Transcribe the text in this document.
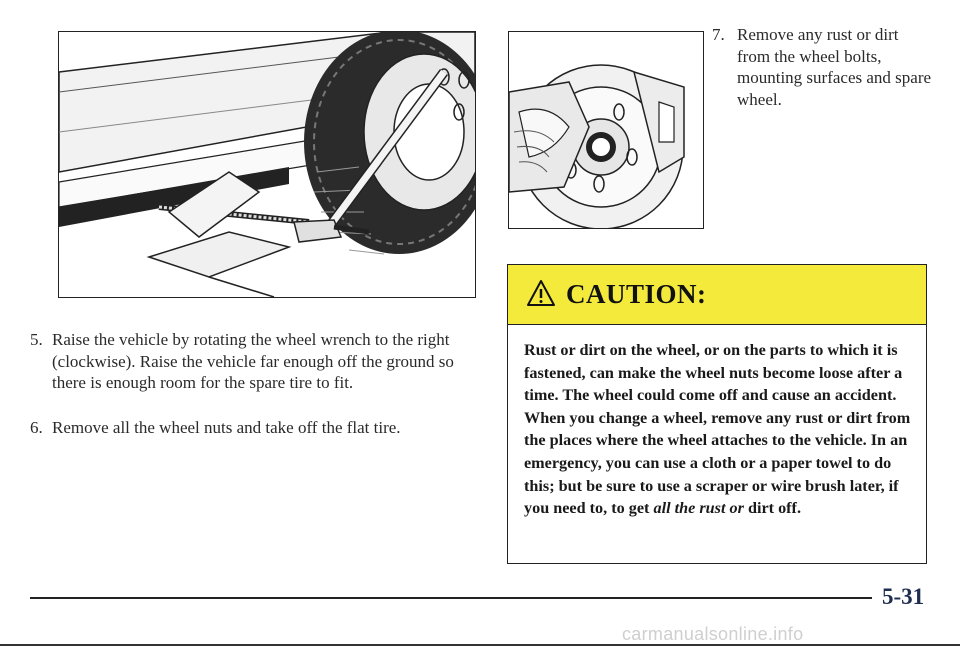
5. Raise the vehicle by rotating the wheel wrench to the right (clockwise). Raise the vehicle far enough off the ground so there is enough room for the spare tire to fit.
6. Remove all the wheel nuts and take off the flat tire.
7. Remove any rust or dirt from the wheel bolts, mounting surfaces and spare wheel.
CAUTION:
Rust or dirt on the wheel, or on the parts to which it is fastened, can make the wheel nuts become loose after a time. The wheel could come off and cause an accident. When you change a wheel, remove any rust or dirt from the places where the wheel attaches to the vehicle. In an emergency, you can use a cloth or a paper towel to do this; but be sure to use a scraper or wire brush later, if you need to, to get all the rust or dirt off.
5-31
carmanualsonline.info
